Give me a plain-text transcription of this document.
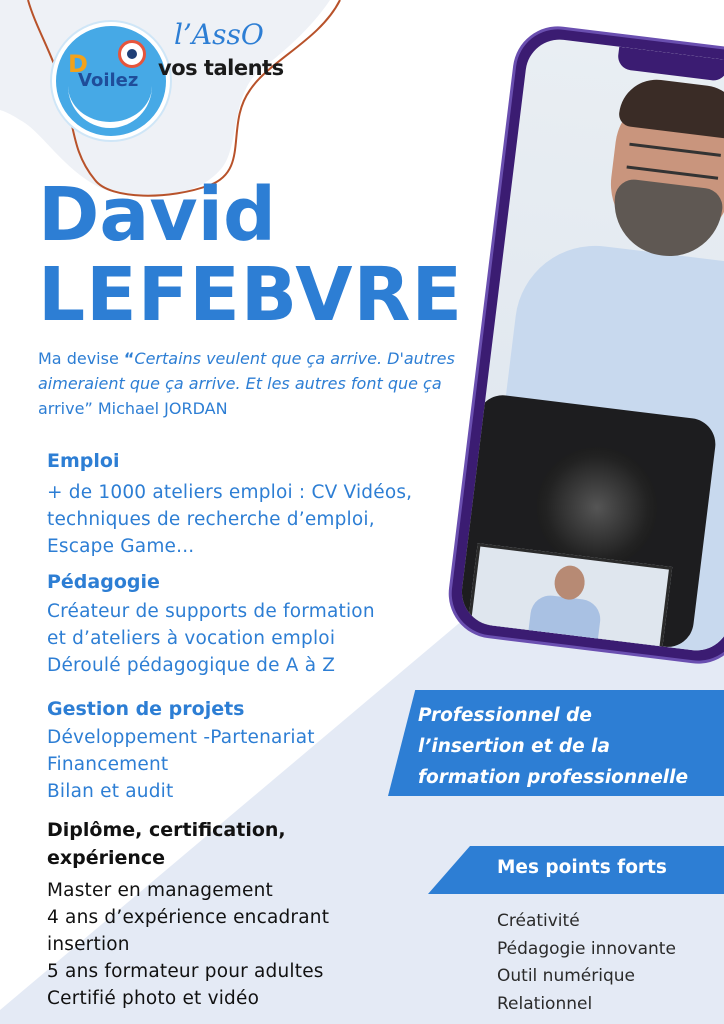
D
Voilez
l’AssO
vos talents
David
LEFEBVRE
Ma devise “Certains veulent que ça arrive. D'autres aimeraient que ça arrive. Et les autres font que ça arrive” Michael JORDAN
Emploi
+ de 1000 ateliers emploi : CV Vidéos,
techniques de recherche d’emploi,
Escape Game...
Pédagogie
Créateur de supports de formation
et d’ateliers à vocation emploi
Déroulé pédagogique de A à Z
Gestion de projets
Développement -Partenariat
Financement
Bilan et audit
Diplôme, certification,
expérience
Master en management
4 ans d’expérience encadrant
insertion
5 ans formateur pour adultes
Certifié photo et vidéo
Professionnel de
l’insertion et de la
formation professionnelle
Mes points forts
Créativité
Pédagogie innovante
Outil numérique
Relationnel
